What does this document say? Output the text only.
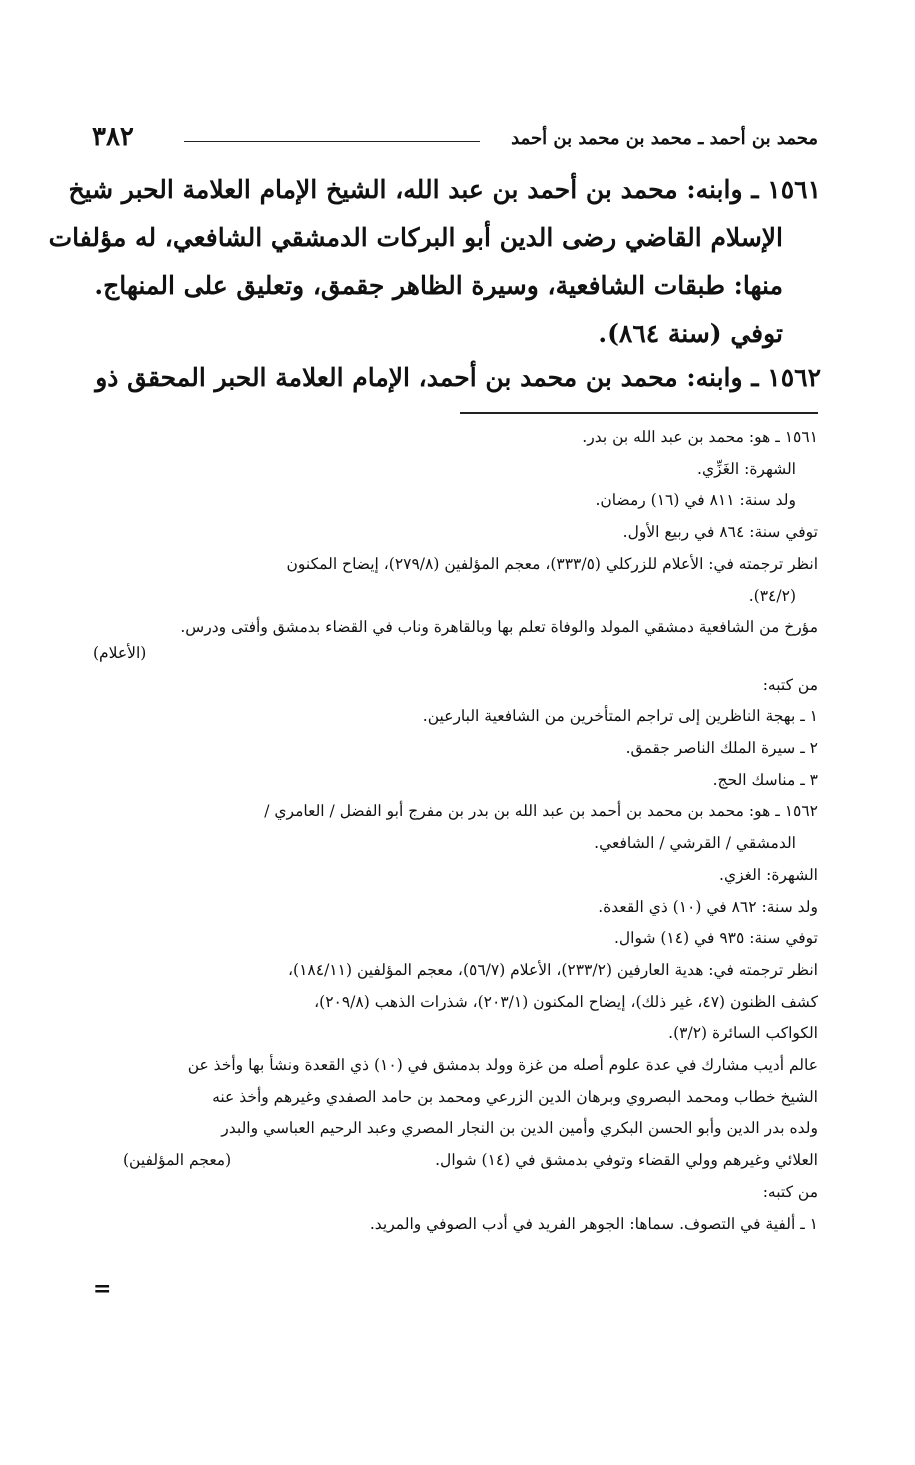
محمد بن أحمد ـ محمد بن محمد بن أحمد
٣٨٢

١٥٦١ ـ وابنه: محمد بن أحمد بن عبد الله، الشيخ الإمام العلامة الحبر شيخ

الإسلام القاضي رضى الدين أبو البركات الدمشقي الشافعي، له مؤلفات

منها: طبقات الشافعية، وسيرة الظاهر جقمق، وتعليق على المنهاج.

توفي (سنة ٨٦٤).

١٥٦٢ ـ وابنه: محمد بن محمد بن أحمد، الإمام العلامة الحبر المحقق ذو

١٥٦١ ـ هو: محمد بن عبد الله بن بدر.
الشهرة: الغَزِّي.
ولد سنة: ٨١١ في (١٦) رمضان.
توفي سنة: ٨٦٤ في ربيع الأول.
انظر ترجمته في: الأعلام للزركلي (٣٣٣/٥)، معجم المؤلفين (٢٧٩/٨)، إيضاح المكنون
(٣٤/٢).
مؤرخ من الشافعية دمشقي المولد والوفاة تعلم بها وبالقاهرة وناب في القضاء بدمشق وأفتى ودرس.
(الأعلام)
من كتبه:
١ ـ بهجة الناظرين إلى تراجم المتأخرين من الشافعية البارعين.
٢ ـ سيرة الملك الناصر جقمق.
٣ ـ مناسك الحج.
١٥٦٢ ـ هو: محمد بن محمد بن أحمد بن عبد الله بن بدر بن مفرج أبو الفضل / العامري /
الدمشقي / القرشي / الشافعي.
الشهرة: الغزي.
ولد سنة: ٨٦٢ في (١٠) ذي القعدة.
توفي سنة: ٩٣٥ في (١٤) شوال.
انظر ترجمته في: هدية العارفين (٢٣٣/٢)، الأعلام (٥٦/٧)، معجم المؤلفين (١٨٤/١١)،
كشف الظنون (٤٧، غير ذلك)، إيضاح المكنون (٢٠٣/١)، شذرات الذهب (٢٠٩/٨)،
الكواكب السائرة (٣/٢).
عالم أديب مشارك في عدة علوم أصله من غزة وولد بدمشق في (١٠) ذي القعدة ونشأ بها وأخذ عن
الشيخ خطاب ومحمد البصروي وبرهان الدين الزرعي ومحمد بن حامد الصفدي وغيرهم وأخذ عنه
ولده بدر الدين وأبو الحسن البكري وأمين الدين بن النجار المصري وعبد الرحيم العباسي والبدر
العلائي وغيرهم وولي القضاء وتوفي بدمشق في (١٤) شوال.
(معجم المؤلفين)
من كتبه:
١ ـ ألفية في التصوف. سماها: الجوهر الفريد في أدب الصوفي والمريد.
=
